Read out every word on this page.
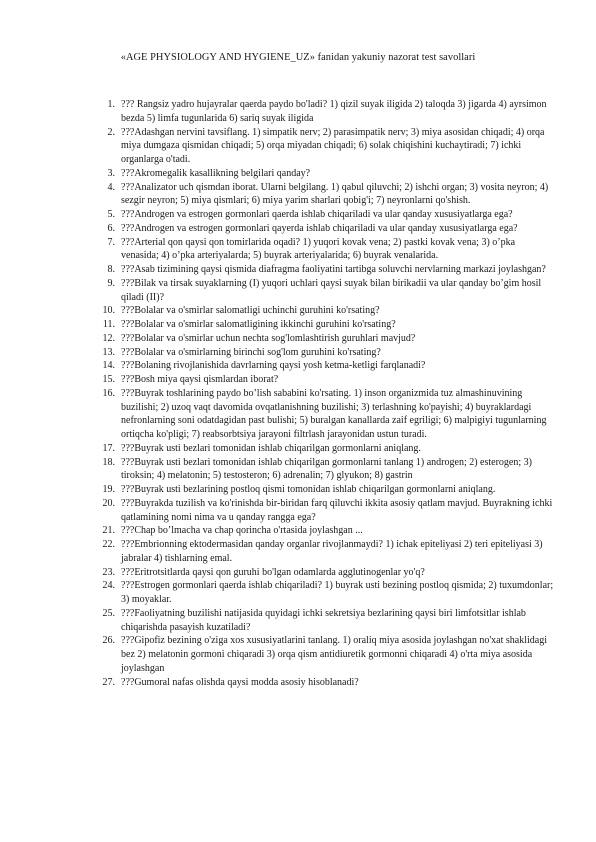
«AGE PHYSIOLOGY AND HYGIENE_UZ» fanidan yakuniy nazorat test savollari
1. ??? Rangsiz yadro hujayralar qaerda paydo bo'ladi? 1) qizil suyak iligida 2) taloqda 3) jigarda 4) ayrsimon bezda 5) limfa tugunlarida 6) sariq suyak iligida
2. ???Adashgan nervini tavsiflang. 1) simpatik nerv; 2) parasimpatik nerv; 3) miya asosidan chiqadi; 4) orqa miya dumgaza qismidan chiqadi; 5) orqa miyadan chiqadi; 6) solak chiqishini kuchaytiradi; 7) ichki organlarga o'tadi.
3. ???Akromegalik kasallikning belgilari qanday?
4. ???Analizator uch qismdan iborat. Ularni belgilang. 1) qabul qiluvchi; 2) ishchi organ; 3) vosita neyron; 4) sezgir neyron; 5) miya qismlari; 6) miya yarim sharlari qobig'i; 7) neyronlarni qo'shish.
5. ???Androgen va estrogen gormonlari qaerda ishlab chiqariladi va ular qanday xususiyatlarga ega?
6. ???Androgen va estrogen gormonlari qayerda ishlab chiqariladi va ular qanday xususiyatlarga ega?
7. ???Arterial qon qaysi qon tomirlarida oqadi? 1) yuqori kovak vena; 2) pastki kovak vena; 3) o’pka venasida; 4) o’pka arteriyalarda; 5) buyrak arteriyalarida; 6) buyrak venalarida.
8. ???Asab tizimining qaysi qismida diafragma faoliyatini tartibga soluvchi nervlarning markazi joylashgan?
9. ???Bilak va tirsak suyaklarning (I) yuqori uchlari qaysi suyak bilan birikadii va ular qanday bo’gim hosil qiladi (II)?
10. ???Bolalar va o'smirlar salomatligi uchinchi guruhini ko'rsating?
11. ???Bolalar va o'smirlar salomatligining ikkinchi guruhini ko'rsating?
12. ???Bolalar va o'smirlar uchun nechta sog'lomlashtirish guruhlari mavjud?
13. ???Bolalar va o'smirlarning birinchi sog'lom guruhini ko'rsating?
14. ???Bolaning rivojlanishida davrlarning qaysi yosh ketma-ketligi farqlanadi?
15. ???Bosh miya qaysi qismlardan iborat?
16. ???Buyrak toshlarining paydo bo’lish sababini ko'rsating. 1) inson organizmida tuz almashinuvining buzilishi; 2) uzoq vaqt davomida ovqatlanishning buzilishi; 3) terlashning ko'payishi; 4) buyraklardagi nefronlarning soni odatdagidan past bulishi; 5) buralgan kanallarda zaif egriligi; 6) malpigiyi tugunlarning ortiqcha ko'pligi; 7) reabsorbtsiya jarayoni filtrlash jarayonidan ustun turadi.
17. ???Buyrak usti bezlari tomonidan ishlab chiqarilgan gormonlarni aniqlang.
18. ???Buyrak usti bezlari tomonidan ishlab chiqarilgan gormonlarni tanlang 1) androgen; 2) esterogen; 3) tiroksin; 4) melatonin; 5) testosteron; 6) adrenalin; 7) glyukon; 8) gastrin
19. ???Buyrak usti bezlarining postloq qismi tomonidan ishlab chiqarilgan gormonlarni aniqlang.
20. ???Buyrakda tuzilish va ko'rinishda bir-biridan farq qiluvchi ikkita asosiy qatlam mavjud. Buyrakning ichki qatlamining nomi nima va u qanday rangga ega?
21. ???Chap bo’lmacha va chap qorincha o'rtasida joylashgan ...
22. ???Embrionning ektodermasidan qanday organlar rivojlanmaydi? 1) ichak epiteliyasi 2) teri epiteliyasi 3) jabralar 4) tishlarning emal.
23. ???Eritrotsitlarda qaysi qon guruhi bo'lgan odamlarda agglutinogenlar yo'q?
24. ???Estrogen gormonlari qaerda ishlab chiqariladi? 1) buyrak usti bezining postloq qismida; 2) tuxumdonlar; 3) moyaklar.
25. ???Faoliyatning buzilishi natijasida quyidagi ichki sekretsiya bezlarining qaysi biri limfotsitlar ishlab chiqarishda pasayish kuzatiladi?
26. ???Gipofiz bezining o'ziga xos xususiyatlarini tanlang. 1) oraliq miya asosida joylashgan no'xat shaklidagi bez 2) melatonin gormoni chiqaradi 3) orqa qism antidiuretik gormonni chiqaradi 4) o'rta miya asosida joylashgan
27. ???Gumoral nafas olishda qaysi modda asosiy hisoblanadi?
